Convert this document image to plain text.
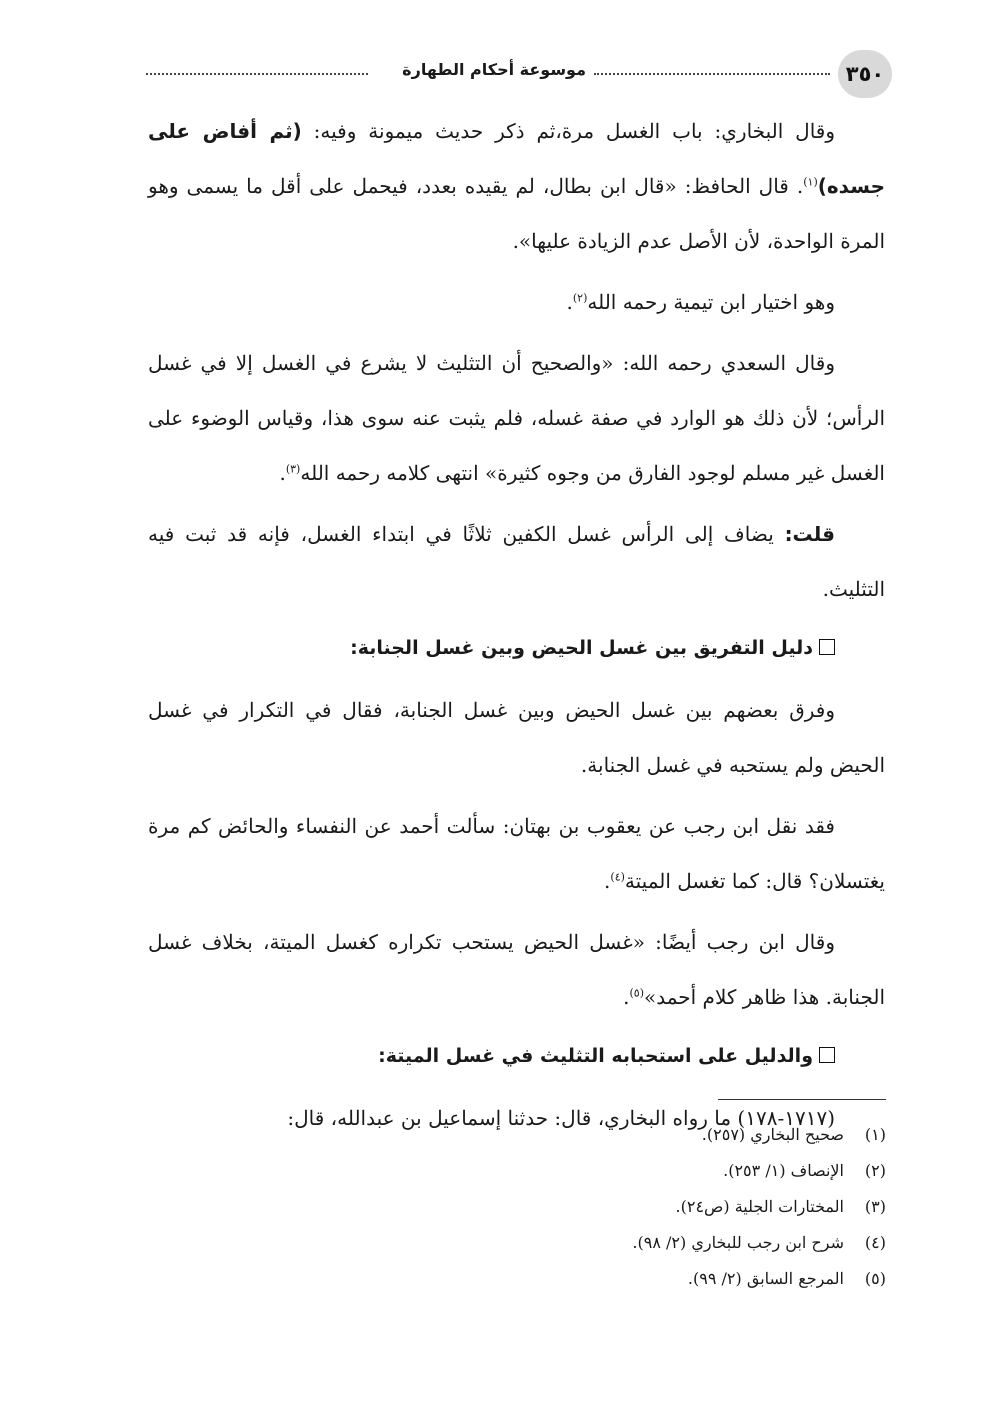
موسوعة أحكام الطهارة	٣٥٠

وقال البخاري: باب الغسل مرة،ثم ذكر حديث ميمونة وفيه: (ثم أفاض على جسده)$^{(١)}$. قال الحافظ: «قال ابن بطال، لم يقيده بعدد، فيحمل على أقل ما يسمى وهو المرة الواحدة، لأن الأصل عدم الزيادة عليها».

وهو اختيار ابن تيمية رحمه الله$^{(٢)}$.

وقال السعدي رحمه الله: «والصحيح أن التثليث لا يشرع في الغسل إلا في غسل الرأس؛ لأن ذلك هو الوارد في صفة غسله، فلم يثبت عنه سوى هذا، وقياس الوضوء على الغسل غير مسلم لوجود الفارق من وجوه كثيرة» انتهى كلامه رحمه الله$^{(٣)}$.

قلت: يضاف إلى الرأس غسل الكفين ثلاثًا في ابتداء الغسل، فإنه قد ثبت فيه التثليث.

دليل التفريق بين غسل الحيض وبين غسل الجنابة:

وفرق بعضهم بين غسل الحيض وبين غسل الجنابة، فقال في التكرار في غسل الحيض ولم يستحبه في غسل الجنابة.

فقد نقل ابن رجب عن يعقوب بن بهتان: سألت أحمد عن النفساء والحائض كم مرة يغتسلان؟ قال: كما تغسل الميتة$^{(٤)}$.

وقال ابن رجب أيضًا: «غسل الحيض يستحب تكراره كغسل الميتة، بخلاف غسل الجنابة. هذا ظاهر كلام أحمد»$^{(٥)}$.

والدليل على استحبابه التثليث في غسل الميتة:

(١٧١٧-١٧٨) ما رواه البخاري، قال: حدثنا إسماعيل بن عبدالله، قال:

(١)صحيح البخاري (٢٥٧).
(٢)الإنصاف (١/ ٢٥٣).
(٣)المختارات الجلية (ص٢٤).
(٤)شرح ابن رجب للبخاري (٢/ ٩٨).
(٥)المرجع السابق (٢/ ٩٩).
